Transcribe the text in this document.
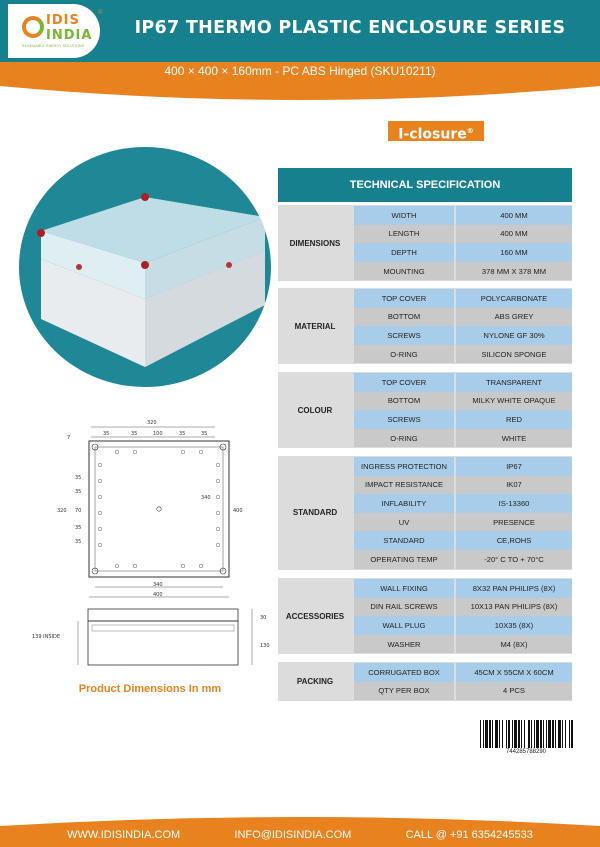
IDIS
INDIA
®
RENEWABLE ENERGY SOLUTIONS
IP67 THERMO PLASTIC ENCLOSURE SERIES
400 × 400 × 160mm - PC ABS Hinged (SKU10211)
I-closure®
7
320
35	35	100	35	35
35
35
70
35
35
320
340
400
340
400
139 INSIDE
30
130
Product Dimensions In mm
TECHNICAL SPECIFICATION
DIMENSIONS
WIDTH	400 MM
LENGTH	400 MM
DEPTH	160 MM
MOUNTING	378 MM X 378 MM
MATERIAL
TOP COVER	POLYCARBONATE
BOTTOM	ABS GREY
SCREWS	NYLONE GF 30%
O-RING	SILICON SPONGE
COLOUR
TOP COVER	TRANSPARENT
BOTTOM	MILKY WHITE OPAQUE
SCREWS	RED
O-RING	WHITE
STANDARD
INGRESS PROTECTION	IP67
IMPACT RESISTANCE	IK07
INFLABILITY	IS-13360
UV	PRESENCE
STANDARD	CE,ROHS
OPERATING TEMP	-20° C TO + 70°C
ACCESSORIES
WALL FIXING	8X32 PAN PHILIPS (8X)
DIN RAIL SCREWS	10X13 PAN PHILIPS (8X)
WALL PLUG	10X35 (8X)
WASHER	M4 (8X)
PACKING
CORRUGATED BOX	45CM X 55CM X 60CM
QTY PER BOX	4 PCS
744285788290
WWW.IDISINDIA.COM	INFO@IDISINDIA.COM	CALL @ +91 6354245533
